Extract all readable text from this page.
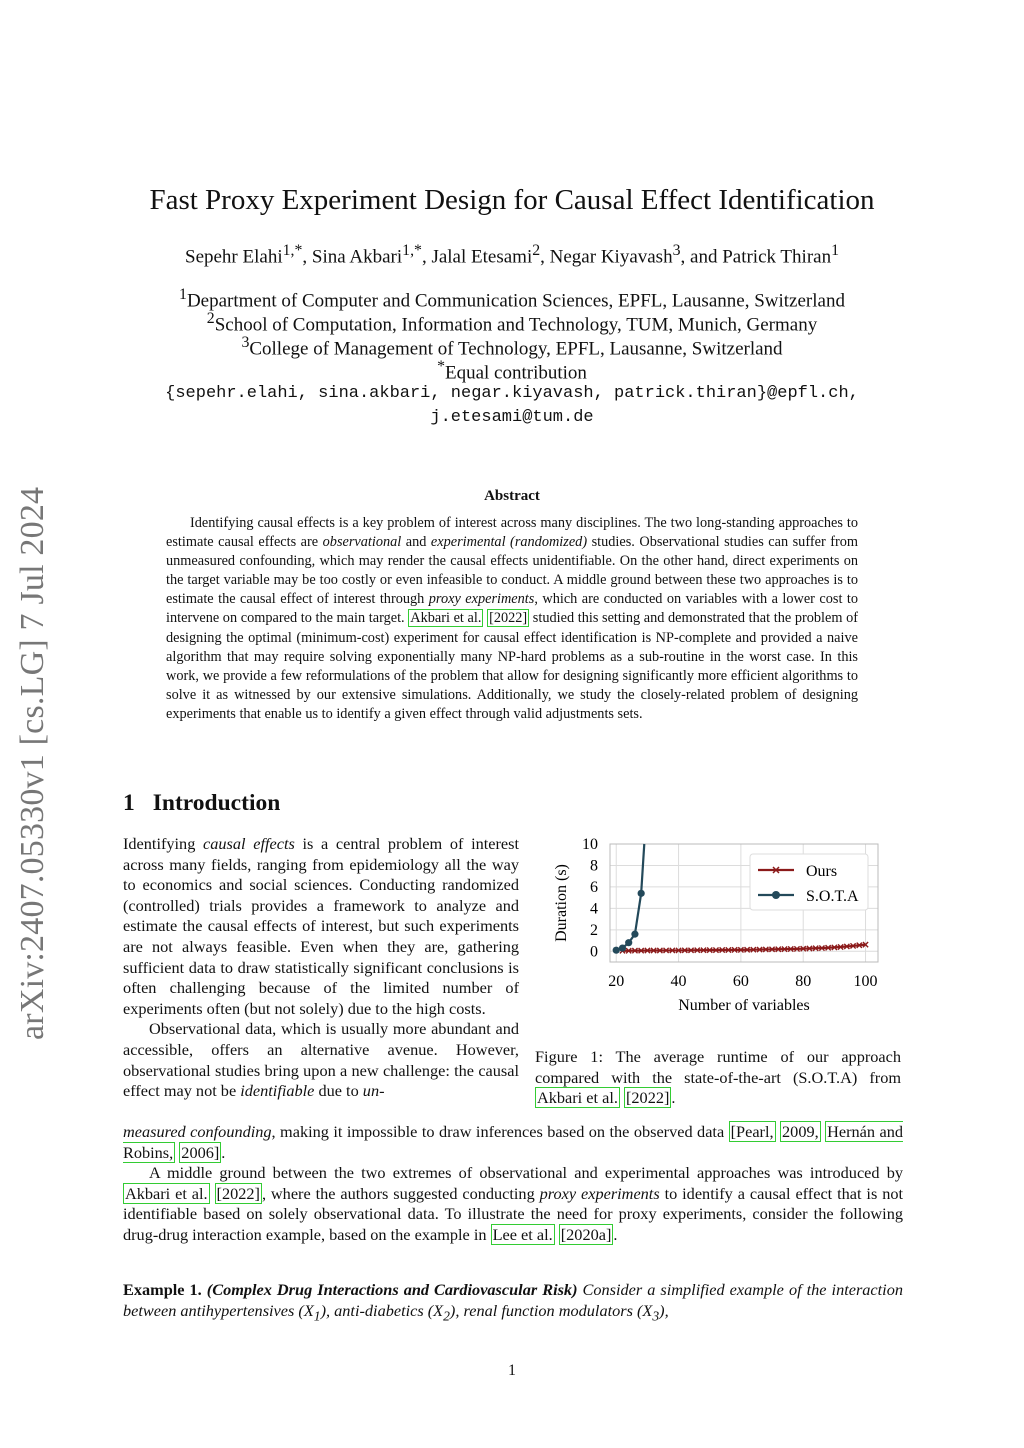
arXiv:2407.05330v1 [cs.LG] 7 Jul 2024
Fast Proxy Experiment Design for Causal Effect Identification
Sepehr Elahi$^{1,*}$, Sina Akbari$^{1,*}$, Jalal Etesami$^2$, Negar Kiyavash$^3$, and Patrick Thiran$^1$
$^1$Department of Computer and Communication Sciences, EPFL, Lausanne, Switzerland
$^2$School of Computation, Information and Technology, TUM, Munich, Germany
$^3$College of Management of Technology, EPFL, Lausanne, Switzerland
*Equal contribution
{sepehr.elahi, sina.akbari, negar.kiyavash, patrick.thiran}@epfl.ch,
j.etesami@tum.de
Abstract

Identifying causal effects is a key problem of interest across many disciplines. The two long-standing approaches to estimate causal effects are observational and experimental (randomized) studies. Observational studies can suffer from unmeasured confounding, which may render the causal effects unidentifiable. On the other hand, direct experiments on the target variable may be too costly or even infeasible to conduct. A middle ground between these two approaches is to estimate the causal effect of interest through proxy experiments, which are conducted on variables with a lower cost to intervene on compared to the main target. Akbari et al. [2022] studied this setting and demonstrated that the problem of designing the optimal (minimum-cost) experiment for causal effect identification is NP-complete and provided a naive algorithm that may require solving exponentially many NP-hard problems as a sub-routine in the worst case. In this work, we provide a few reformulations of the problem that allow for designing significantly more efficient algorithms to solve it as witnessed by our extensive simulations. Additionally, we study the closely-related problem of designing experiments that enable us to identify a given effect through valid adjustments sets.

1 Introduction

Identifying causal effects is a central problem of interest across many fields, ranging from epidemiology all the way to economics and social sciences. Conducting randomized (controlled) trials provides a framework to analyze and estimate the causal effects of interest, but such experiments are not always feasible. Even when they are, gathering sufficient data to draw statistically significant conclusions is often challenging because of the limited number of experiments often (but not solely) due to the high costs.

Observational data, which is usually more abundant and accessible, offers an alternative avenue. However, observational studies bring upon a new challenge: the causal effect may not be identifiable due to un-

measured confounding, making it impossible to draw inferences based on the observed data [Pearl, 2009, Hernán and Robins, 2006] .

A middle ground between the two extremes of observational and experimental approaches was introduced by Akbari et al. [2022] , where the authors suggested conducting proxy experiments to identify a causal effect that is not identifiable based on solely observational data. To illustrate the need for proxy experiments, consider the following drug-drug interaction example, based on the example in Lee et al. [2020a] .

20	40	60	80	100
0
2
4
6
8
10
Ours
S.O.T.A
Number of variables
Duration (s)
Figure 1: The average runtime of our approach compared with the state-of-the-art (S.O.T.A) from Akbari et al. [2022] .
Example 1. (Complex Drug Interactions and Cardiovascular Risk) Consider a simplified example of the interaction between antihypertensives $(X_1)$, anti-diabetics $(X_2)$, renal function modulators $(X_3)$,
1
